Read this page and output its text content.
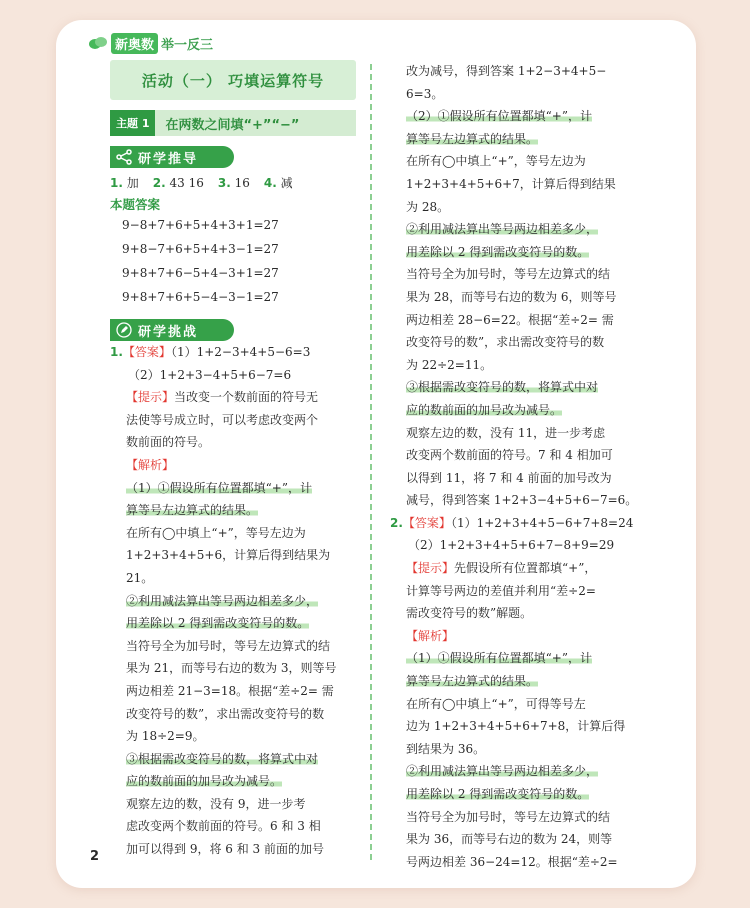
新奥数 举一反三
活动（一） 巧填运算符号
主题 1	在两数之间填“+”“−”
研学推导
1. 加 2. 43 16 3. 16 4. 减
本题答案
9−8+7+6+5+4+3+1=27
9+8−7+6+5+4+3−1=27
9+8+7+6−5+4−3+1=27
9+8+7+6+5−4−3−1=27
研学挑战
1.【答案】（1）1+2−3+4+5−6=3
（2）1+2+3−4+5+6−7=6
【提示】当改变一个数前面的符号无
法使等号成立时，可以考虑改变两个
数前面的符号。
【解析】
（1）①假设所有位置都填“+”，计
算等号左边算式的结果。
在所有◯中填上“+”，等号左边为
1+2+3+4+5+6，计算后得到结果为
21。
②利用减法算出等号两边相差多少，
用差除以 2 得到需改变符号的数。
当符号全为加号时，等号左边算式的结
果为 21，而等号右边的数为 3，则等号
两边相差 21−3=18。根据“差÷2= 需
改变符号的数”，求出需改变符号的数
为 18÷2=9。
③根据需改变符号的数，将算式中对
应的数前面的加号改为减号。
观察左边的数，没有 9，进一步考
虑改变两个数前面的符号。6 和 3 相
加可以得到 9，将 6 和 3 前面的加号
改为减号，得到答案 1+2−3+4+5−
6=3。
（2）①假设所有位置都填“+”，计
算等号左边算式的结果。
在所有◯中填上“+”，等号左边为
1+2+3+4+5+6+7，计算后得到结果
为 28。
②利用减法算出等号两边相差多少，
用差除以 2 得到需改变符号的数。
当符号全为加号时，等号左边算式的结
果为 28，而等号右边的数为 6，则等号
两边相差 28−6=22。根据“差÷2= 需
改变符号的数”，求出需改变符号的数
为 22÷2=11。
③根据需改变符号的数，将算式中对
应的数前面的加号改为减号。
观察左边的数，没有 11，进一步考虑
改变两个数前面的符号。7 和 4 相加可
以得到 11，将 7 和 4 前面的加号改为
减号，得到答案 1+2+3−4+5+6−7=6。
2.【答案】（1）1+2+3+4+5−6+7+8=24
（2）1+2+3+4+5+6+7−8+9=29
【提示】先假设所有位置都填“+”，
计算等号两边的差值并利用“差÷2=
需改变符号的数”解题。
【解析】
（1）①假设所有位置都填“+”，计
算等号左边算式的结果。
在所有◯中填上“+”，可得等号左
边为 1+2+3+4+5+6+7+8，计算后得
到结果为 36。
②利用减法算出等号两边相差多少，
用差除以 2 得到需改变符号的数。
当符号全为加号时，等号左边算式的结
果为 36，而等号右边的数为 24，则等
号两边相差 36−24=12。根据“差÷2=
2
